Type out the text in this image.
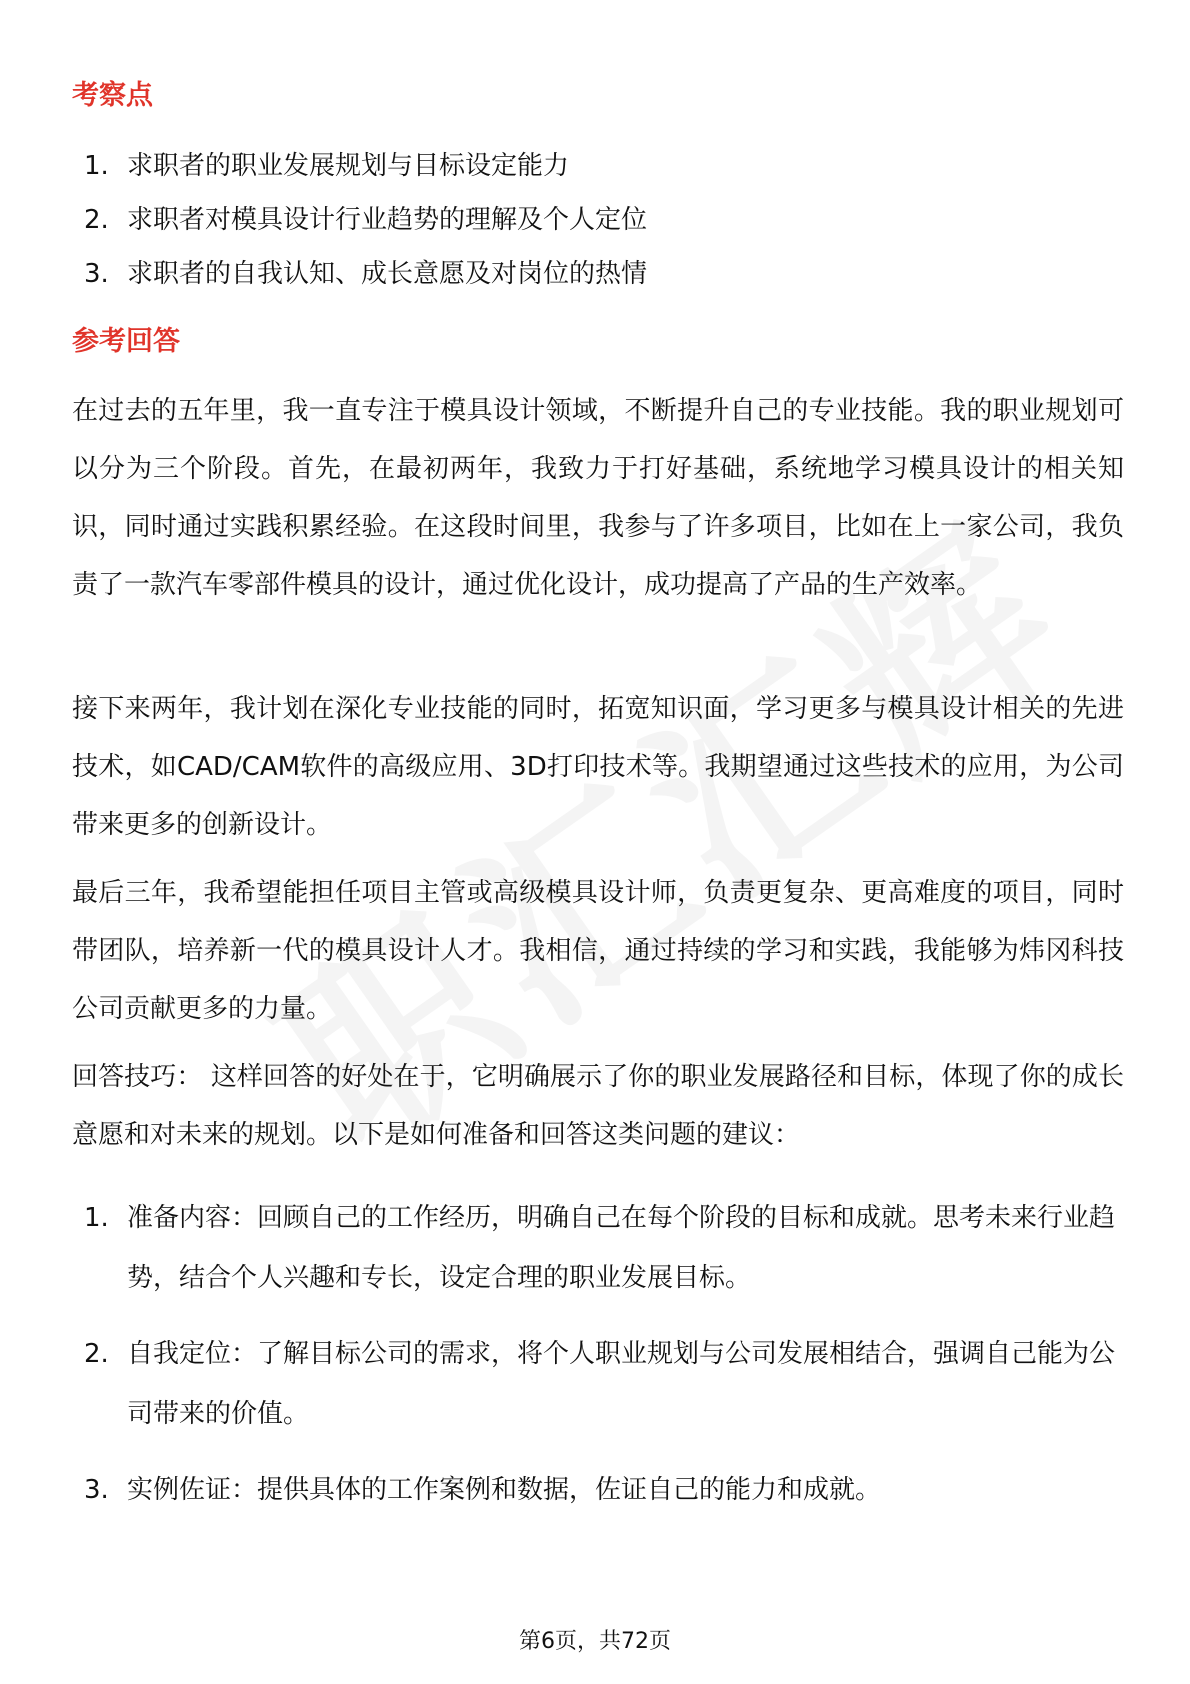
考察点
1. 求职者的职业发展规划与目标设定能力
2. 求职者对模具设计行业趋势的理解及个人定位
3. 求职者的自我认知、成长意愿及对岗位的热情
参考回答

在过去的五年里，我一直专注于模具设计领域，不断提升自己的专业技能。我的职业规划可以分为三个阶段。首先，在最初两年，我致力于打好基础，系统地学习模具设计的相关知识，同时通过实践积累经验。在这段时间里，我参与了许多项目，比如在上一家公司，我负责了一款汽车零部件模具的设计，通过优化设计，成功提高了产品的生产效率。

接下来两年，我计划在深化专业技能的同时，拓宽知识面，学习更多与模具设计相关的先进技术，如CAD/CAM软件的高级应用、3D打印技术等。我期望通过这些技术的应用，为公司带来更多的创新设计。

最后三年，我希望能担任项目主管或高级模具设计师，负责更复杂、更高难度的项目，同时带团队，培养新一代的模具设计人才。我相信，通过持续的学习和实践，我能够为炜冈科技公司贡献更多的力量。

回答技巧： 这样回答的好处在于，它明确展示了你的职业发展路径和目标，体现了你的成长意愿和对未来的规划。以下是如何准备和回答这类问题的建议：

1. 准备内容：回顾自己的工作经历，明确自己在每个阶段的目标和成就。思考未来行业趋势，结合个人兴趣和专长，设定合理的职业发展目标。
2. 自我定位：了解目标公司的需求，将个人职业规划与公司发展相结合，强调自己能为公司带来的价值。
3. 实例佐证：提供具体的工作案例和数据，佐证自己的能力和成就。
第6页，共72页
